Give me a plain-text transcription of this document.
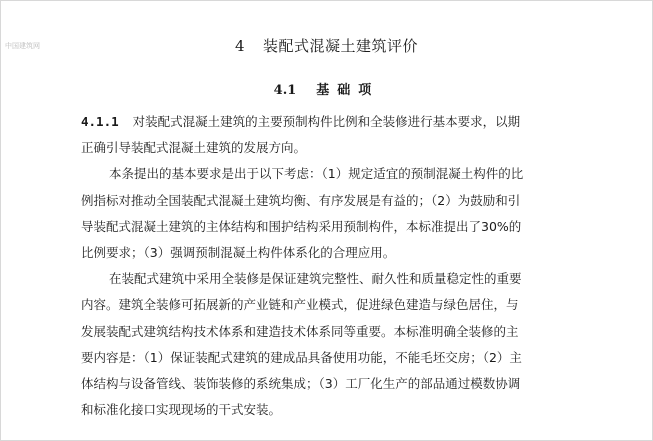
中国建筑网	4 装配式混凝土建筑评价
4.1 基础项
4.1.1 对装配式混凝土建筑的主要预制构件比例和全装修进行基本要求，以期
正确引导装配式混凝土建筑的发展方向。
本条提出的基本要求是出于以下考虑：（1）规定适宜的预制混凝土构件的比
例指标对推动全国装配式混凝土建筑均衡、有序发展是有益的；（2）为鼓励和引
导装配式混凝土建筑的主体结构和围护结构采用预制构件，本标准提出了30%的
比例要求；（3）强调预制混凝土构件体系化的合理应用。
在装配式建筑中采用全装修是保证建筑完整性、耐久性和质量稳定性的重要
内容。建筑全装修可拓展新的产业链和产业模式，促进绿色建造与绿色居住，与
发展装配式建筑结构技术体系和建造技术体系同等重要。本标准明确全装修的主
要内容是：（1）保证装配式建筑的建成品具备使用功能，不能毛坯交房；（2）主
体结构与设备管线、装饰装修的系统集成；（3）工厂化生产的部品通过模数协调
和标准化接口实现现场的干式安装。
